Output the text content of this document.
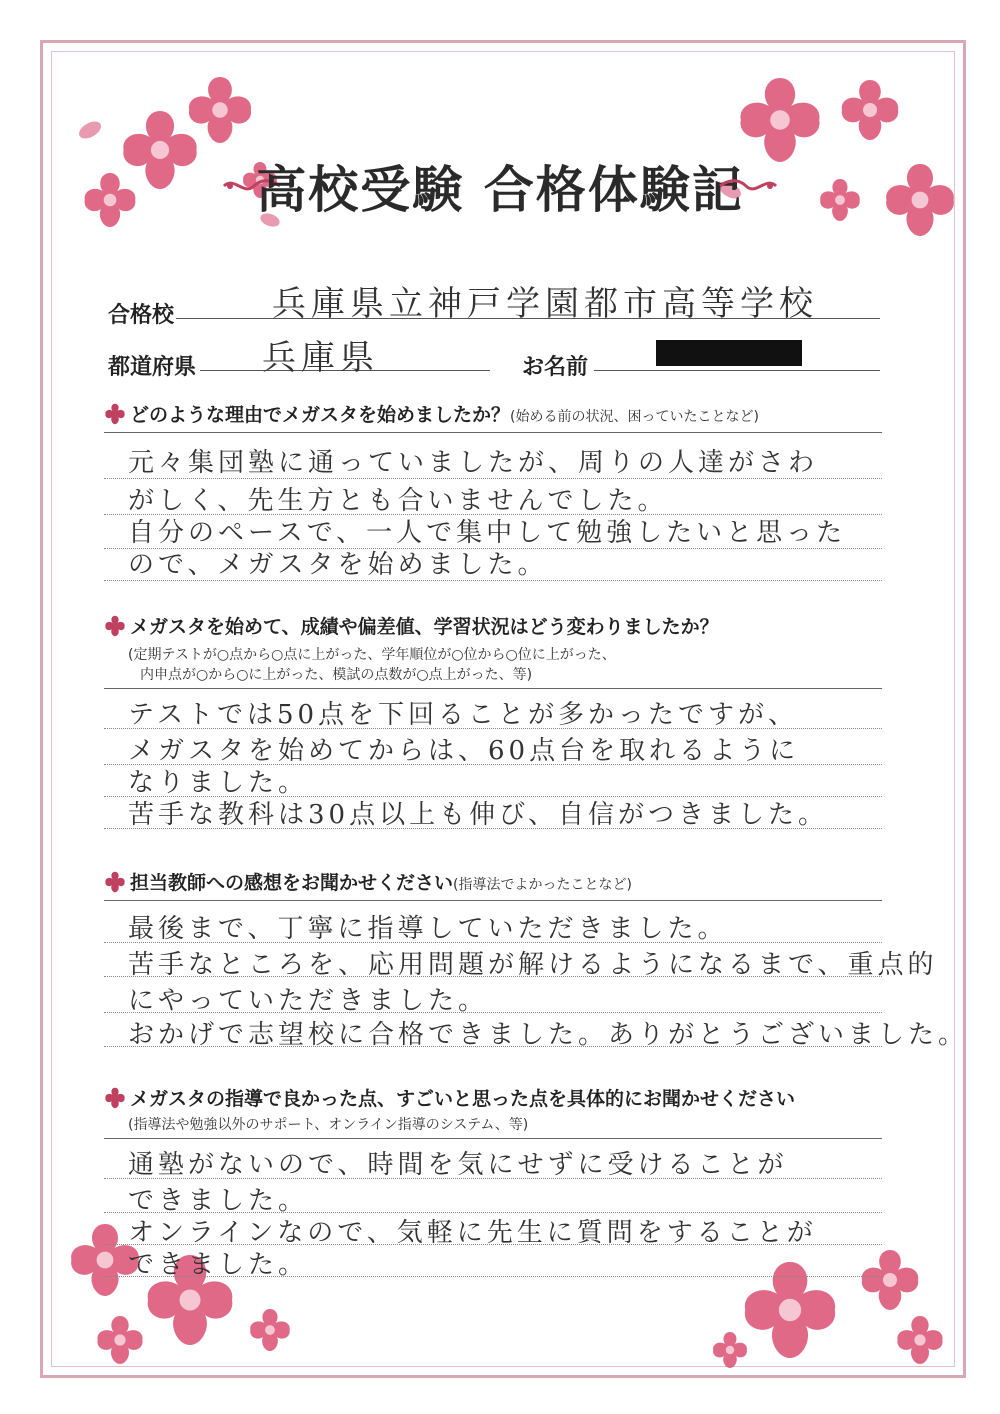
高校受験 合格体験記
合格校	兵庫県立神戸学園都市高等学校
都道府県 兵庫県	お名前
どのような理由でメガスタを始めましたか？(始める前の状況、困っていたことなど)
元々集団塾に通っていましたが、周りの人達がさわ
がしく、先生方とも合いませんでした。
自分のペースで、一人で集中して勉強したいと思った
ので、メガスタを始めました。
メガスタを始めて、成績や偏差値、学習状況はどう変わりましたか？
(定期テストが○点から○点に上がった、学年順位が○位から○位に上がった、
内申点が○から○に上がった、模試の点数が○点上がった、等)
テストでは50点を下回ることが多かったですが、
メガスタを始めてからは、60点台を取れるように
なりました。
苦手な教科は30点以上も伸び、自信がつきました。
担当教師への感想をお聞かせください(指導法でよかったことなど)
最後まで、丁寧に指導していただきました。
苦手なところを、応用問題が解けるようになるまで、重点的
にやっていただきました。
おかげで志望校に合格できました。ありがとうございました。
メガスタの指導で良かった点、すごいと思った点を具体的にお聞かせください
(指導法や勉強以外のサポート、オンライン指導のシステム、等)
通塾がないので、時間を気にせずに受けることが
できました。
オンラインなので、気軽に先生に質問をすることが
できました。
